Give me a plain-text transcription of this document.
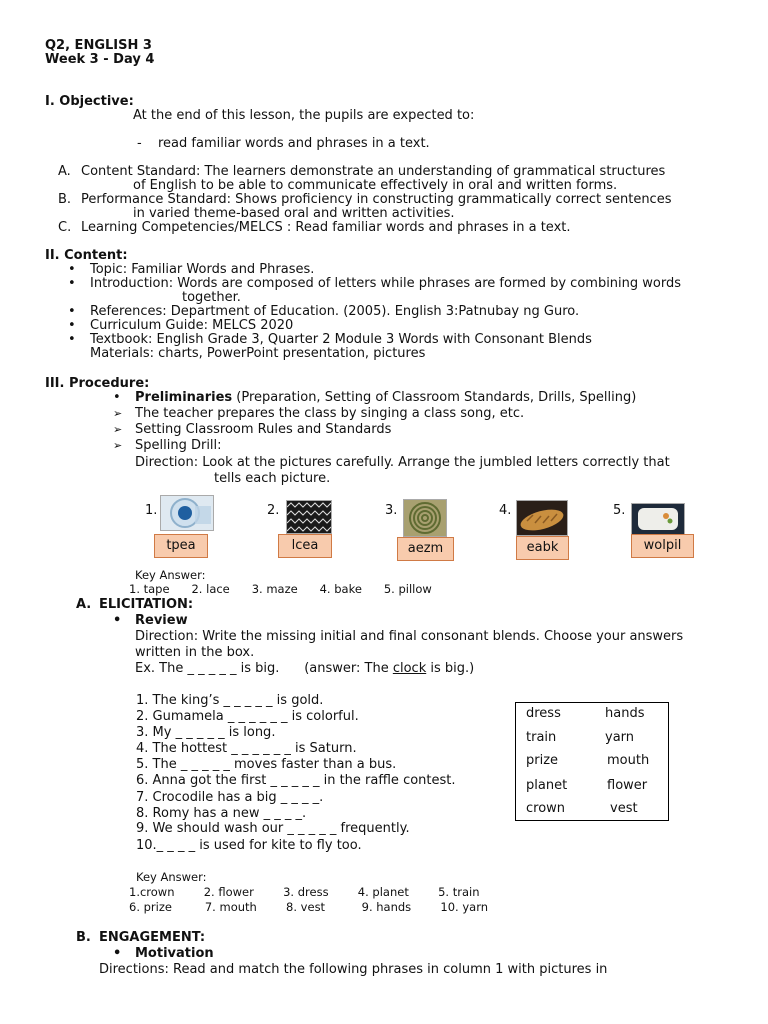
Q2, ENGLISH 3
Week 3 - Day 4
I. Objective:
At the end of this lesson, the pupils are expected to:
- read familiar words and phrases in a text.
A. Content Standard: The learners demonstrate an understanding of grammatical structures
of English to be able to communicate effectively in oral and written forms.
B. Performance Standard: Shows proficiency in constructing grammatically correct sentences
in varied theme-based oral and written activities.
C. Learning Competencies/MELCS : Read familiar words and phrases in a text.
II. Content:
• Topic: Familiar Words and Phrases.
• Introduction: Words are composed of letters while phrases are formed by combining words
together.
• References: Department of Education. (2005). English 3:Patnubay ng Guro.
• Curriculum Guide: MELCS 2020
• Textbook: English Grade 3, Quarter 2 Module 3 Words with Consonant Blends
Materials: charts, PowerPoint presentation, pictures
III. Procedure:
• Preliminaries (Preparation, Setting of Classroom Standards, Drills, Spelling)
➢ The teacher prepares the class by singing a class song, etc.
➢ Setting Classroom Rules and Standards
➢ Spelling Drill:
Direction: Look at the pictures carefully. Arrange the jumbled letters correctly that
tells each picture.
1.
tpea
2.
lcea
3.
aezm
4.
eabk
5.
wolpil
Key Answer:
1. tape      2. lace      3. maze      4. bake      5. pillow
A. ELICITATION:
• Review
Direction: Write the missing initial and final consonant blends. Choose your answers
written in the box.
Ex. The _ _ _ _ _ is big.      (answer: The clock is big.)
1. The king’s _ _ _ _ _ is gold.
2. Gumamela _ _ _ _ _ _ is colorful.
3. My _ _ _ _ _ is long.
4. The hottest _ _ _ _ _ _ is Saturn.
5. The _ _ _ _ _ moves faster than a bus.
6. Anna got the first _ _ _ _ _ in the raffle contest.
7. Crocodile has a big _ _ _ _.
8. Romy has a new _ _ _ _.
9. We should wash our _ _ _ _ _ frequently.
10._ _ _ _ is used for kite to fly too.
dress	hands
train	yarn
prize	mouth
planet	flower
crown	vest
Key Answer:
1.crown        2. flower        3. dress        4. planet        5. train
6. prize         7. mouth        8. vest          9. hands        10. yarn
B. ENGAGEMENT:
• Motivation
Directions: Read and match the following phrases in column 1 with pictures in
